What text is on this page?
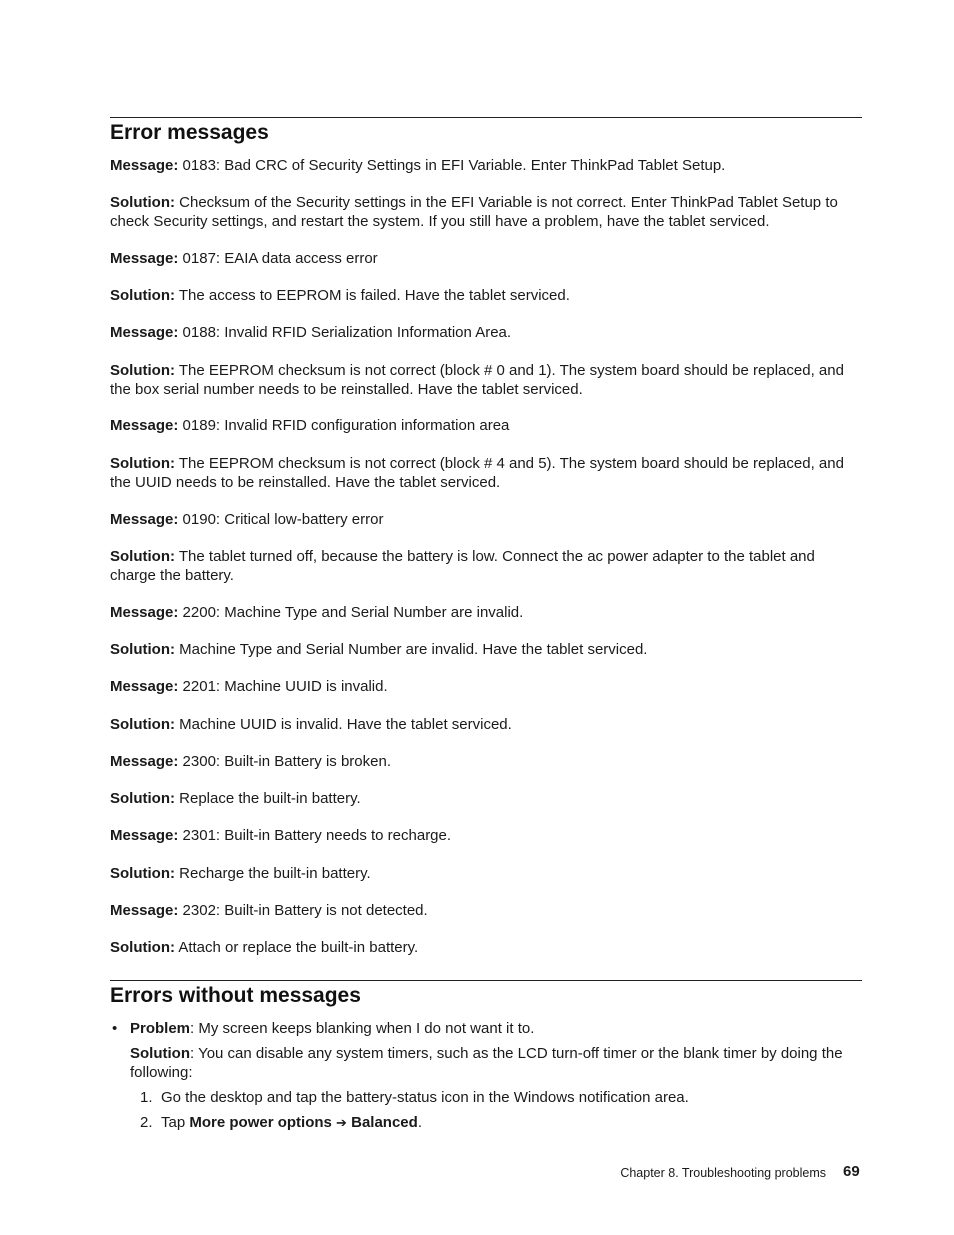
Error messages

Message: 0183: Bad CRC of Security Settings in EFI Variable. Enter ThinkPad Tablet Setup.

Solution: Checksum of the Security settings in the EFI Variable is not correct. Enter ThinkPad Tablet Setup to check Security settings, and restart the system. If you still have a problem, have the tablet serviced.

Message: 0187: EAIA data access error

Solution: The access to EEPROM is failed. Have the tablet serviced.

Message: 0188: Invalid RFID Serialization Information Area.

Solution: The EEPROM checksum is not correct (block # 0 and 1). The system board should be replaced, and the box serial number needs to be reinstalled. Have the tablet serviced.

Message: 0189: Invalid RFID configuration information area

Solution: The EEPROM checksum is not correct (block # 4 and 5). The system board should be replaced, and the UUID needs to be reinstalled. Have the tablet serviced.

Message: 0190: Critical low-battery error

Solution: The tablet turned off, because the battery is low. Connect the ac power adapter to the tablet and charge the battery.

Message: 2200: Machine Type and Serial Number are invalid.

Solution: Machine Type and Serial Number are invalid. Have the tablet serviced.

Message: 2201: Machine UUID is invalid.

Solution: Machine UUID is invalid. Have the tablet serviced.

Message: 2300: Built-in Battery is broken.

Solution: Replace the built-in battery.

Message: 2301: Built-in Battery needs to recharge.

Solution: Recharge the built-in battery.

Message: 2302: Built-in Battery is not detected.

Solution: Attach or replace the built-in battery.

Errors without messages
• Problem: My screen keeps blanking when I do not want it to.

Solution: You can disable any system timers, such as the LCD turn-off timer or the blank timer by doing the following:

1. Go the desktop and tap the battery-status icon in the Windows notification area.

2. Tap More power options ➔ Balanced.

Chapter 8. Troubleshooting problems 69
